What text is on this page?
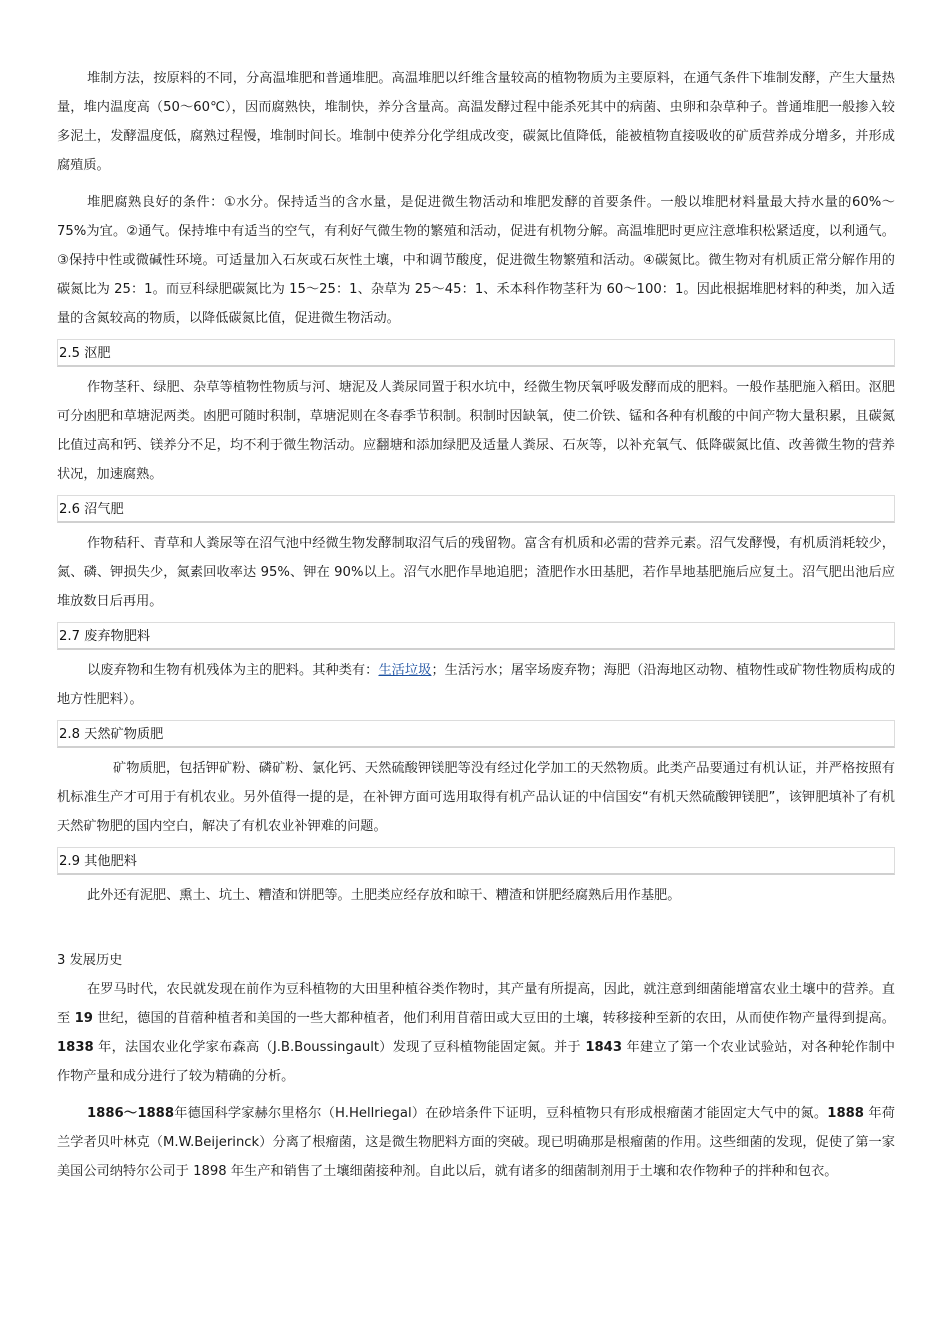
堆制方法，按原料的不同，分高温堆肥和普通堆肥。高温堆肥以纤维含量较高的植物物质为主要原料，在通气条件下堆制发酵，产生大量热量，堆内温度高（50～60℃），因而腐熟快，堆制快，养分含量高。高温发酵过程中能杀死其中的病菌、虫卵和杂草种子。普通堆肥一般掺入较多泥土，发酵温度低，腐熟过程慢，堆制时间长。堆制中使养分化学组成改变，碳氮比值降低，能被植物直接吸收的矿质营养成分增多，并形成腐殖质。

堆肥腐熟良好的条件：①水分。保持适当的含水量，是促进微生物活动和堆肥发酵的首要条件。一般以堆肥材料量最大持水量的60%～75%为宜。②通气。保持堆中有适当的空气，有利好气微生物的繁殖和活动，促进有机物分解。高温堆肥时更应注意堆积松紧适度，以利通气。③保持中性或微碱性环境。可适量加入石灰或石灰性土壤，中和调节酸度，促进微生物繁殖和活动。④碳氮比。微生物对有机质正常分解作用的碳氮比为 25：1。而豆科绿肥碳氮比为 15～25：1、杂草为 25～45：1、禾本科作物茎秆为 60～100：1。因此根据堆肥材料的种类，加入适量的含氮较高的物质，以降低碳氮比值，促进微生物活动。

2.5 沤肥

作物茎秆、绿肥、杂草等植物性物质与河、塘泥及人粪尿同置于积水坑中，经微生物厌氧呼吸发酵而成的肥料。一般作基肥施入稻田。沤肥可分凼肥和草塘泥两类。凼肥可随时积制，草塘泥则在冬春季节积制。积制时因缺氧，使二价铁、锰和各种有机酸的中间产物大量积累，且碳氮比值过高和钙、镁养分不足，均不利于微生物活动。应翻塘和添加绿肥及适量人粪尿、石灰等，以补充氧气、低降碳氮比值、改善微生物的营养状况，加速腐熟。

2.6 沼气肥

作物秸秆、青草和人粪尿等在沼气池中经微生物发酵制取沼气后的残留物。富含有机质和必需的营养元素。沼气发酵慢，有机质消耗较少，氮、磷、钾损失少，氮素回收率达 95%、钾在 90%以上。沼气水肥作旱地追肥；渣肥作水田基肥，若作旱地基肥施后应复土。沼气肥出池后应堆放数日后再用。

2.7 废弃物肥料

以废弃物和生物有机残体为主的肥料。其种类有：生活垃圾；生活污水；屠宰场废弃物；海肥（沿海地区动物、植物性或矿物性物质构成的地方性肥料）。

2.8 天然矿物质肥

矿物质肥，包括钾矿粉、磷矿粉、氯化钙、天然硫酸钾镁肥等没有经过化学加工的天然物质。此类产品要通过有机认证，并严格按照有机标准生产才可用于有机农业。另外值得一提的是，在补钾方面可选用取得有机产品认证的中信国安“有机天然硫酸钾镁肥”，该钾肥填补了有机天然矿物肥的国内空白，解决了有机农业补钾难的问题。

2.9 其他肥料

此外还有泥肥、熏土、坑土、糟渣和饼肥等。土肥类应经存放和晾干、糟渣和饼肥经腐熟后用作基肥。

3 发展历史

在罗马时代，农民就发现在前作为豆科植物的大田里种植谷类作物时，其产量有所提高，因此，就注意到细菌能增富农业土壤中的营养。直至 19 世纪，德国的苜蓿种植者和美国的一些大都种植者，他们利用苜蓿田或大豆田的土壤，转移接种至新的农田，从而使作物产量得到提高。1838 年，法国农业化学家布森高（J.B.Boussingault）发现了豆科植物能固定氮。并于 1843 年建立了第一个农业试验站，对各种轮作制中作物产量和成分进行了较为精确的分析。

1886～1888年德国科学家赫尔里格尔（H.Hellriegal）在砂培条件下证明，豆科植物只有形成根瘤菌才能固定大气中的氮。1888 年荷兰学者贝叶林克（M.W.Beijerinck）分离了根瘤菌，这是微生物肥料方面的突破。现已明确那是根瘤菌的作用。这些细菌的发现，促使了第一家美国公司纳特尔公司于 1898 年生产和销售了土壤细菌接种剂。自此以后，就有诸多的细菌制剂用于土壤和农作物种子的拌种和包衣。
